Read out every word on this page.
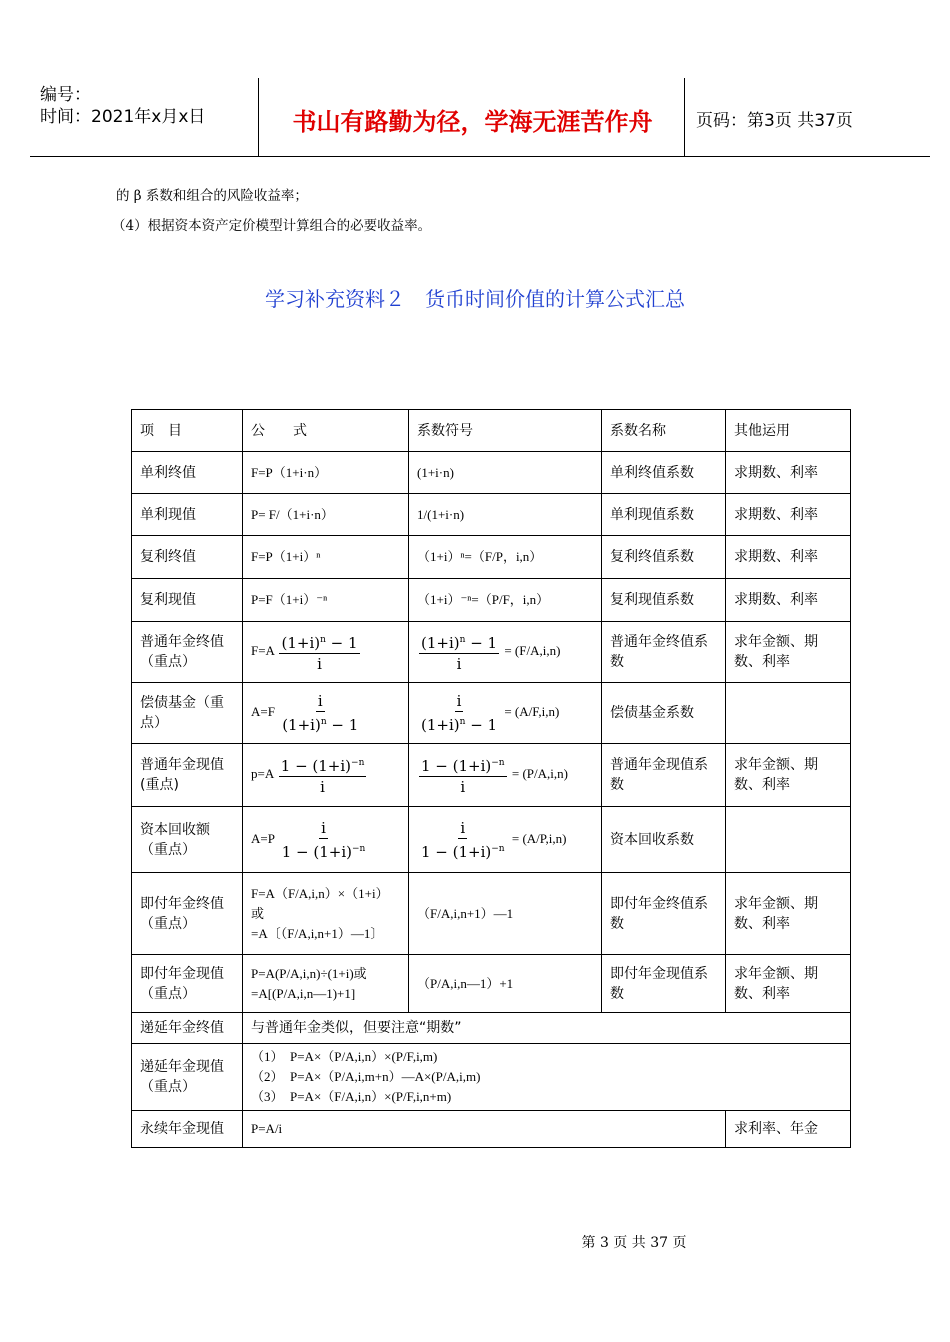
编号：
时间：2021年x月x日	书山有路勤为径，学海无涯苦作舟	页码：第3页 共37页
的 β 系数和组合的风险收益率；
（4）根据资本资产定价模型计算组合的必要收益率。
学习补充资料２　货币时间价值的计算公式汇总
项　目	公　　式	系数符号	系数名称	其他运用
单利终值	F=P（1+i·n）	(1+i·n)	单利终值系数	求期数、利率
单利现值	P= F/（1+i·n）	1/(1+i·n)	单利现值系数	求期数、利率
复利终值	F=P（1+i）ⁿ	（1+i）ⁿ=（F/P，i,n）	复利终值系数	求期数、利率
复利现值	P=F（1+i）⁻ⁿ	（1+i）⁻ⁿ=（P/F，i,n）	复利现值系数	求期数、利率
普通年金终值（重点）	$F=A \frac{(1+i)^n - 1}{i}$	$\frac{(1+i)^n - 1}{i} = (F/A,i,n)$	普通年金终值系数	求年金额、期数、利率
偿债基金（重点）	$A=F \frac{i}{(1+i)^n - 1}$	$\frac{i}{(1+i)^n - 1} = (A/F,i,n)$	偿债基金系数	
普通年金现值(重点)	$p=A \frac{1 - (1+i)^{-n}}{i}$	$\frac{1 - (1+i)^{-n}}{i} = (P/A,i,n)$	普通年金现值系数	求年金额、期数、利率
资本回收额（重点）	$A=P \frac{i}{1 - (1+i)^{-n}}$	$\frac{i}{1 - (1+i)^{-n}} = (A/P,i,n)$	资本回收系数	
即付年金终值（重点）	F=A（F/A,i,n）×（1+i）
或
=A〔（F/A,i,n+1）—1〕	（F/A,i,n+1）—1	即付年金终值系数	求年金额、期数、利率
即付年金现值（重点）	P=A(P/A,i,n)÷(1+i)或
=A[(P/A,i,n—1)+1]	（P/A,i,n—1）+1	即付年金现值系数	求年金额、期数、利率
递延年金终值	与普通年金类似，但要注意“期数”			
递延年金现值（重点）	（1）　P=A×（P/A,i,n）×(P/F,i,m)
（2）　P=A×（P/A,i,m+n）—A×(P/A,i,m)
（3）　P=A×（F/A,i,n）×(P/F,i,n+m)			

永续年金现值	P=A/i			求利率、年金
第 3 页 共 37 页
